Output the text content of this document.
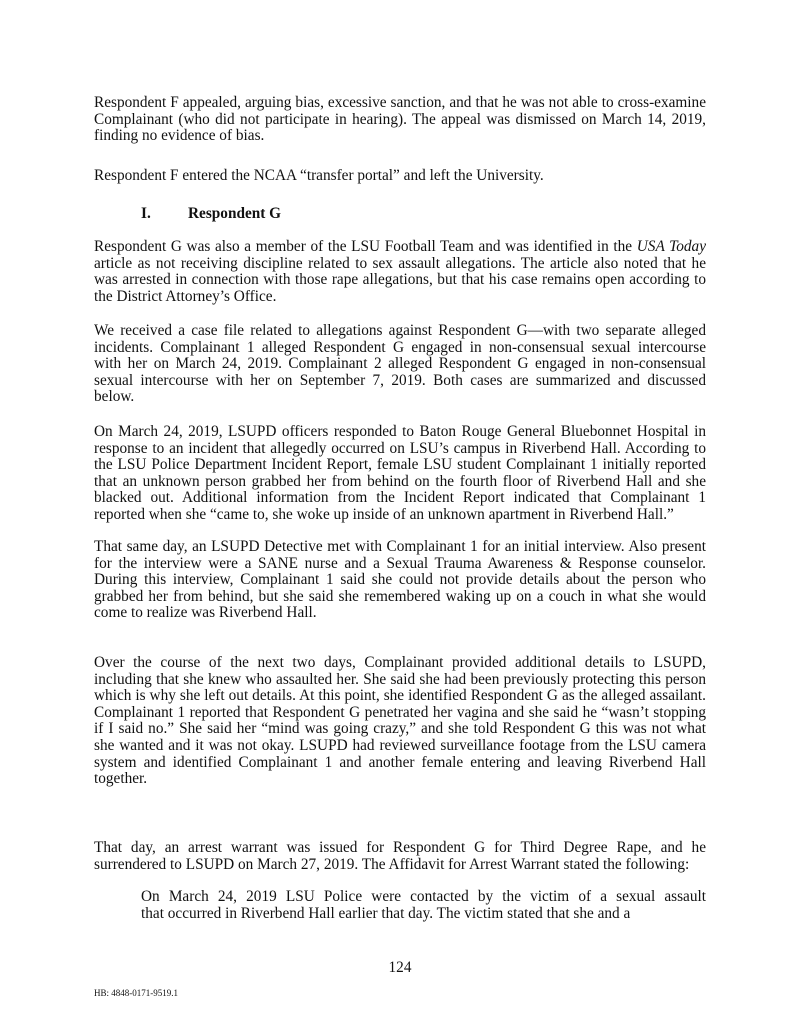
Respondent F appealed, arguing bias, excessive sanction, and that he was not able to cross-examine
Complainant (who did not participate in hearing). The appeal was dismissed on March 14, 2019,
finding no evidence of bias.
Respondent F entered the NCAA “transfer portal” and left the University.
Respondent G was also a member of the LSU Football Team and was identified in the USA Today
article as not receiving discipline related to sex assault allegations. The article also noted that he
was arrested in connection with those rape allegations, but that his case remains open according to
the District Attorney’s Office.
We received a case file related to allegations against Respondent G—with two separate alleged
incidents. Complainant 1 alleged Respondent G engaged in non-consensual sexual intercourse
with her on March 24, 2019. Complainant 2 alleged Respondent G engaged in non-consensual
sexual intercourse with her on September 7, 2019. Both cases are summarized and discussed
below.
On March 24, 2019, LSUPD officers responded to Baton Rouge General Bluebonnet Hospital in
response to an incident that allegedly occurred on LSU’s campus in Riverbend Hall. According to
the LSU Police Department Incident Report, female LSU student Complainant 1 initially reported
that an unknown person grabbed her from behind on the fourth floor of Riverbend Hall and she
blacked out. Additional information from the Incident Report indicated that Complainant 1
reported when she “came to, she woke up inside of an unknown apartment in Riverbend Hall.”
That same day, an LSUPD Detective met with Complainant 1 for an initial interview. Also present
for the interview were a SANE nurse and a Sexual Trauma Awareness & Response counselor.
During this interview, Complainant 1 said she could not provide details about the person who
grabbed her from behind, but she said she remembered waking up on a couch in what she would
come to realize was Riverbend Hall.
Over the course of the next two days, Complainant provided additional details to LSUPD,
including that she knew who assaulted her. She said she had been previously protecting this person
which is why she left out details. At this point, she identified Respondent G as the alleged assailant.
Complainant 1 reported that Respondent G penetrated her vagina and she said he “wasn’t stopping
if I said no.” She said her “mind was going crazy,” and she told Respondent G this was not what
she wanted and it was not okay. LSUPD had reviewed surveillance footage from the LSU camera
system and identified Complainant 1 and another female entering and leaving Riverbend Hall
together.
That day, an arrest warrant was issued for Respondent G for Third Degree Rape, and he
surrendered to LSUPD on March 27, 2019. The Affidavit for Arrest Warrant stated the following:
On March 24, 2019 LSU Police were contacted by the victim of a sexual assault
that occurred in Riverbend Hall earlier that day. The victim stated that she and a
I. Respondent G
124
HB: 4848-0171-9519.1
